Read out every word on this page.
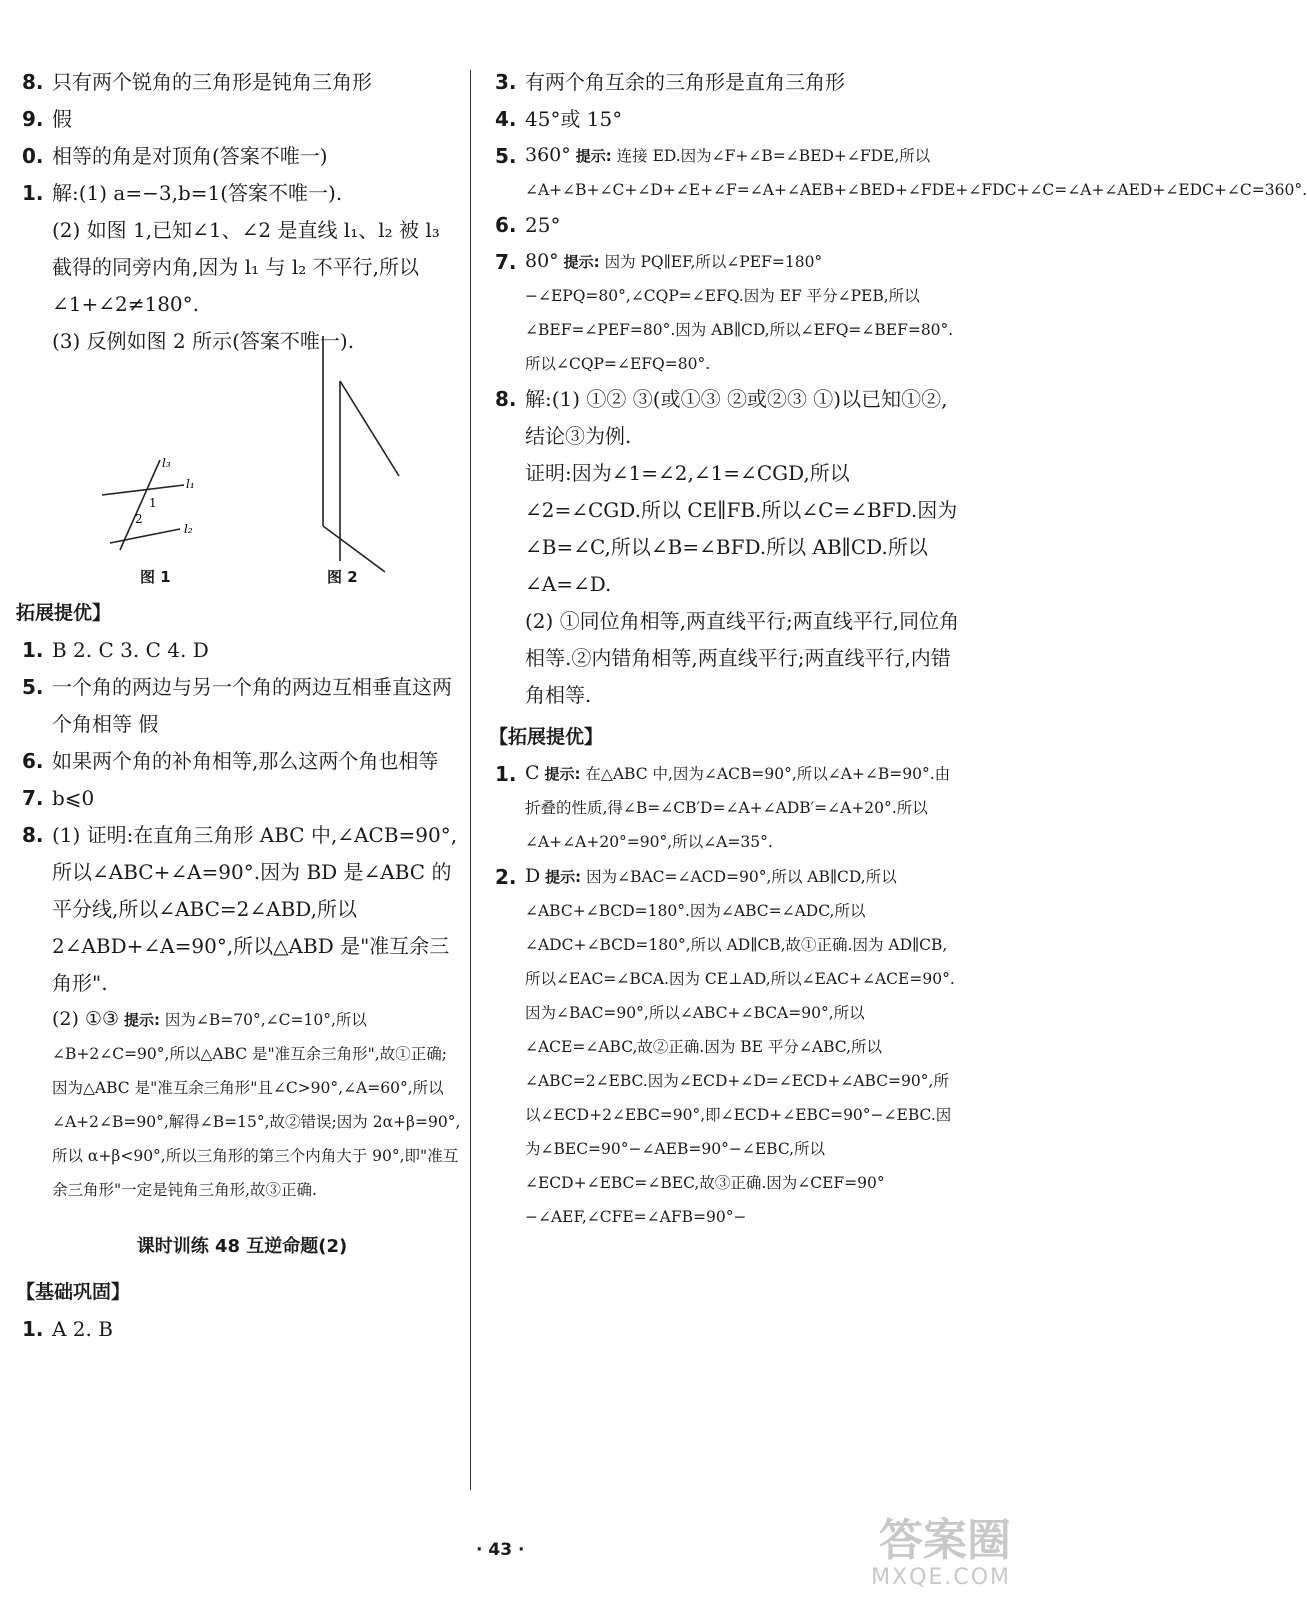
8. 只有两个锐角的三角形是钝角三角形
9. 假
0. 相等的角是对顶角(答案不唯一)
1. 解:(1) a=−3,b=1(答案不唯一).
(2) 如图 1,已知∠1、∠2 是直线 l₁、l₂ 被 l₃ 截得的同旁内角,因为 l₁ 与 l₂ 不平行,所以∠1+∠2≠180°.
(3) 反例如图 2 所示(答案不唯一).
l₃
l₁
l₂
1
2
图 1	图 2
拓展提优】
1. B 2. C 3. C 4. D
5. 一个角的两边与另一个角的两边互相垂直这两个角相等 假
6. 如果两个角的补角相等,那么这两个角也相等
7. b⩽0
8. (1) 证明:在直角三角形 ABC 中,∠ACB=90°,所以∠ABC+∠A=90°.因为 BD 是∠ABC 的平分线,所以∠ABC=2∠ABD,所以 2∠ABD+∠A=90°,所以△ABD 是"准互余三角形".
(2) ①③ 提示: 因为∠B=70°,∠C=10°,所以∠B+2∠C=90°,所以△ABC 是"准互余三角形",故①正确;因为△ABC 是"准互余三角形"且∠C>90°,∠A=60°,所以∠A+2∠B=90°,解得∠B=15°,故②错误;因为 2α+β=90°,所以 α+β<90°,所以三角形的第三个内角大于 90°,即"准互余三角形"一定是钝角三角形,故③正确.
课时训练 48 互逆命题(2)
【基础巩固】
1. A 2. B
3. 有两个角互余的三角形是直角三角形
4. 45°或 15°
5. 360° 提示: 连接 ED.因为∠F+∠B=∠BED+∠FDE,所以∠A+∠B+∠C+∠D+∠E+∠F=∠A+∠AEB+∠BED+∠FDE+∠FDC+∠C=∠A+∠AED+∠EDC+∠C=360°.
6. 25°
7. 80° 提示: 因为 PQ∥EF,所以∠PEF=180°−∠EPQ=80°,∠CQP=∠EFQ.因为 EF 平分∠PEB,所以∠BEF=∠PEF=80°.因为 AB∥CD,所以∠EFQ=∠BEF=80°.所以∠CQP=∠EFQ=80°.
8. 解:(1) ①② ③(或①③ ②或②③ ①)以已知①②,结论③为例.
证明:因为∠1=∠2,∠1=∠CGD,所以∠2=∠CGD.所以 CE∥FB.所以∠C=∠BFD.因为∠B=∠C,所以∠B=∠BFD.所以 AB∥CD.所以∠A=∠D.
(2) ①同位角相等,两直线平行;两直线平行,同位角相等.②内错角相等,两直线平行;两直线平行,内错角相等.
【拓展提优】
1. C 提示: 在△ABC 中,因为∠ACB=90°,所以∠A+∠B=90°.由折叠的性质,得∠B=∠CB′D=∠A+∠ADB′=∠A+20°.所以∠A+∠A+20°=90°,所以∠A=35°.
2. D 提示: 因为∠BAC=∠ACD=90°,所以 AB∥CD,所以∠ABC+∠BCD=180°.因为∠ABC=∠ADC,所以∠ADC+∠BCD=180°,所以 AD∥CB,故①正确.因为 AD∥CB,所以∠EAC=∠BCA.因为 CE⊥AD,所以∠EAC+∠ACE=90°.因为∠BAC=90°,所以∠ABC+∠BCA=90°,所以∠ACE=∠ABC,故②正确.因为 BE 平分∠ABC,所以∠ABC=2∠EBC.因为∠ECD+∠D=∠ECD+∠ABC=90°,所以∠ECD+2∠EBC=90°,即∠ECD+∠EBC=90°−∠EBC.因为∠BEC=90°−∠AEB=90°−∠EBC,所以∠ECD+∠EBC=∠BEC,故③正确.因为∠CEF=90°−∠AEF,∠CFE=∠AFB=90°−
· 43 ·	答案圈
MXQE.COM
